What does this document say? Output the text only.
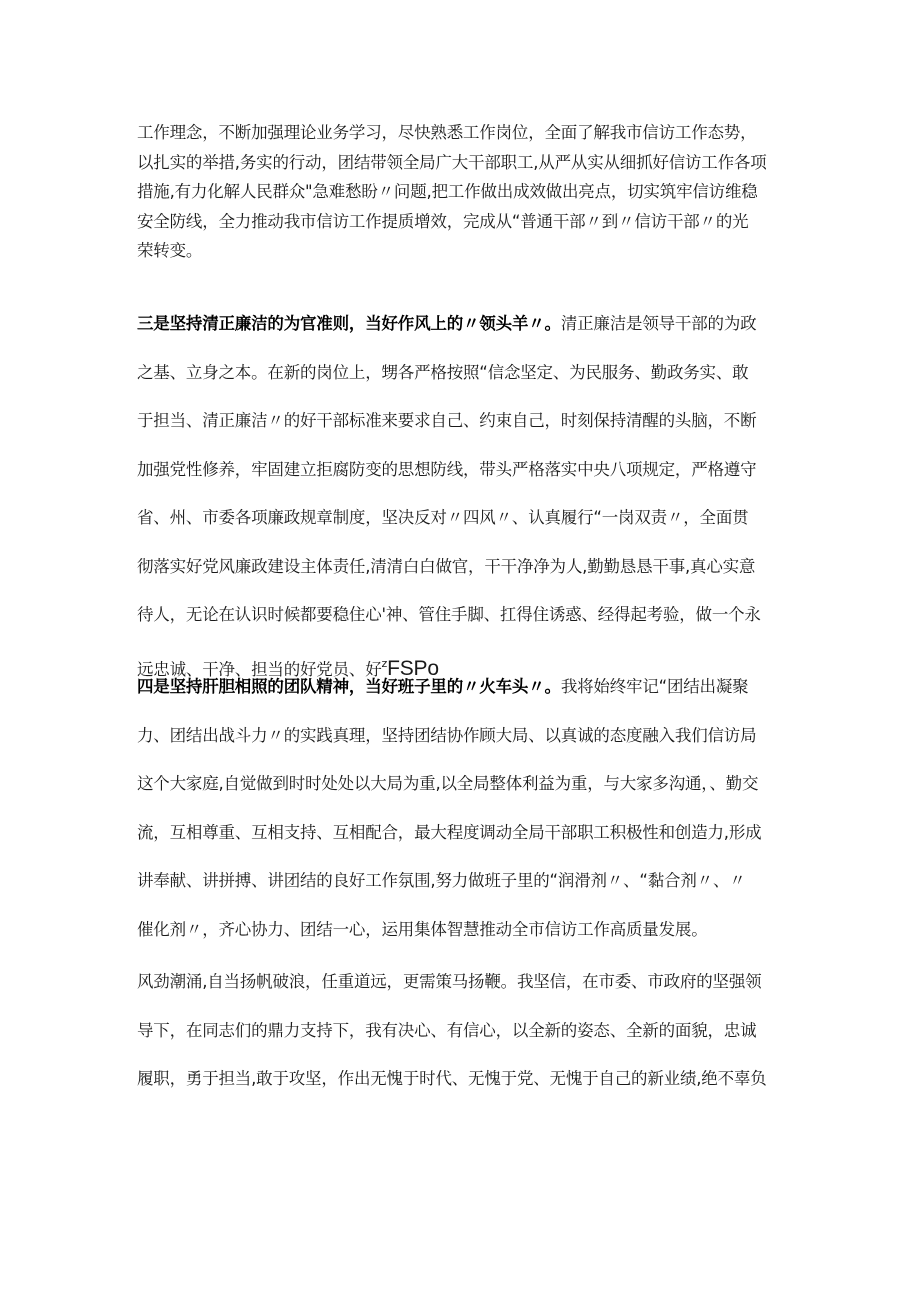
工作理念，不断加强理论业务学习，尽快熟悉工作岗位，全面了解我市信访工作态势，
以扎实的举措,务实的行动，团结带领全局广大干部职工,从严从实从细抓好信访工作各项
措施,有力化解人民群众"急难愁盼〃问题,把工作做出成效做出亮点，切实筑牢信访维稳
安全防线，全力推动我市信访工作提质增效，完成从“普通干部〃到〃信访干部〃的光
荣转变。
三是坚持清正廉洁的为官准则，当好作风上的〃领头羊〃。清正廉洁是领导干部的为政
之基、立身之本。在新的岗位上，甥各严格按照“信念坚定、为民服务、勤政务实、敢
于担当、清正廉洁〃的好干部标准来要求自己、约束自己，时刻保持清醒的头脑，不断
加强党性修养，牢固建立拒腐防变的思想防线，带头严格落实中央八项规定，严格遵守
省、州、市委各项廉政规章制度，坚决反对〃四风〃、认真履行“一岗双责〃，全面贯
彻落实好党风廉政建设主体责任,清清白白做官，干干净净为人,勤勤恳恳干事,真心实意
待人，无论在认识时候都要稳住心'神、管住手脚、扛得住诱惑、经得起考验，做一个永
远忠诚、干净、担当的好党员、好$^z$FSPo
四是坚持肝胆相照的团队精神，当好班子里的〃火车头〃。我将始终牢记“团结出凝聚
力、团结出战斗力〃的实践真理，坚持团结协作顾大局、以真诚的态度融入我们信访局
这个大家庭,自觉做到时时处处以大局为重,以全局整体利益为重，与大家多沟通，、勤交
流，互相尊重、互相支持、互相配合，最大程度调动全局干部职工积极性和创造力,形成
讲奉献、讲拼搏、讲团结的良好工作氛围,努力做班子里的“润滑剂〃、“黏合剂〃、〃
催化剂〃，齐心协力、团结一心，运用集体智慧推动全市信访工作高质量发展。
风劲潮涌,自当扬帆破浪，任重道远，更需策马扬鞭。我坚信，在市委、市政府的坚强领
导下，在同志们的鼎力支持下，我有决心、有信心，以全新的姿态、全新的面貌，忠诚
履职，勇于担当,敢于攻坚，作出无愧于时代、无愧于党、无愧于自己的新业绩,绝不辜负
